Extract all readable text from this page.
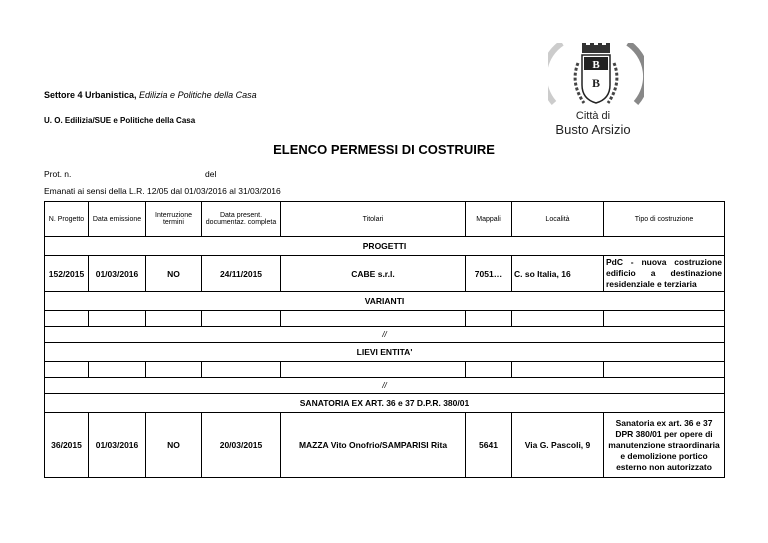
Settore 4 Urbanistica, Edilizia e Politiche della Casa
U. O. Edilizia/SUE e Politiche della Casa
B
B
Città di
Busto Arsizio
ELENCO PERMESSI DI COSTRUIRE
Prot. n.	del
Emanati ai sensi della L.R. 12/05 dal 01/03/2016 al 31/03/2016
N. Progetto	Data emissione	Interruzione termini	Data present. documentaz. completa	Titolari	Mappali	Località	Tipo di costruzione
PROGETTI							
152/2015	01/03/2016	NO	24/11/2015	CABE s.r.l.	7051…	C. so Italia, 16	PdC - nuova costruzione
edificio a destinazione
residenziale e terziaria

VARIANTI							

//							
LIEVI ENTITA'							

//							
SANATORIA EX ART. 36 e 37 D.P.R. 380/01							
36/2015	01/03/2016	NO	20/03/2015	MAZZA Vito Onofrio/SAMPARISI Rita	5641	Via G. Pascoli, 9	Sanatoria ex art. 36 e 37 DPR 380/01 per opere di manutenzione straordinaria e demolizione portico esterno non autorizzato
